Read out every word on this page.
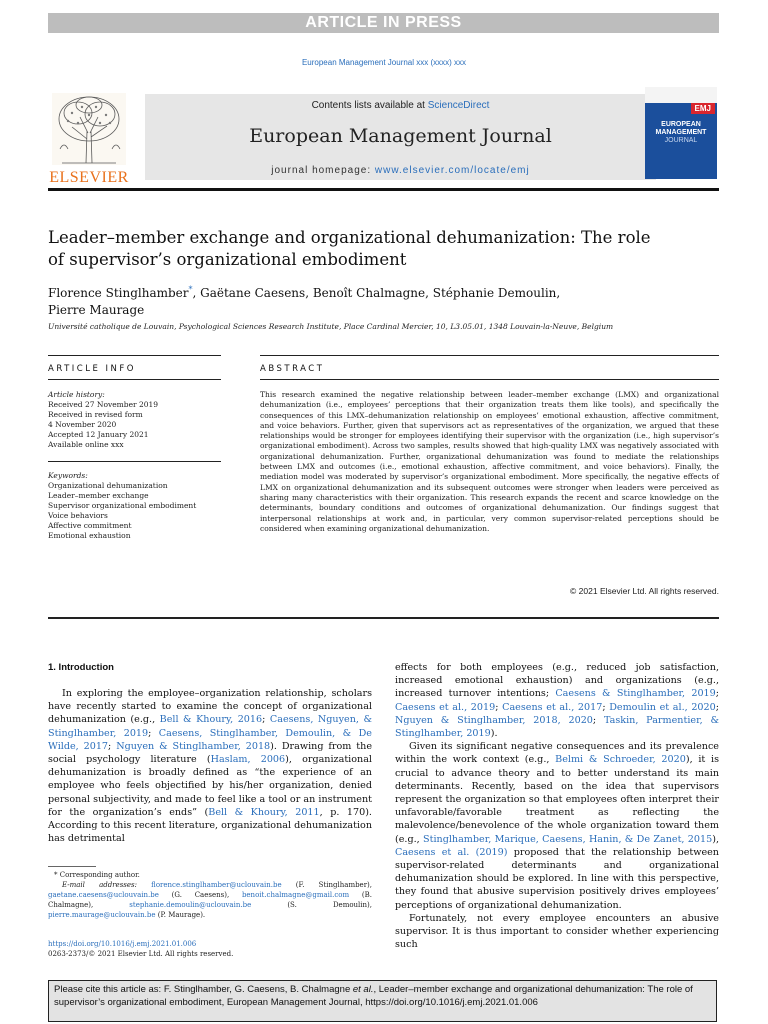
ARTICLE IN PRESS
European Management Journal xxx (xxxx) xxx
ELSEVIER
Contents lists available at ScienceDirect
European Management Journal
journal homepage: www.elsevier.com/locate/emj
EMJ
EUROPEAN
MANAGEMENT
JOURNAL
Leader–member exchange and organizational dehumanization: The role of supervisor’s organizational embodiment
Florence Stinglhamber*, Gaëtane Caesens, Benoît Chalmagne, Stéphanie Demoulin,
Pierre Maurage
Université catholique de Louvain, Psychological Sciences Research Institute, Place Cardinal Mercier, 10, L3.05.01, 1348 Louvain-la-Neuve, Belgium
ARTICLE INFO	ABSTRACT
Article history:
Received 27 November 2019
Received in revised form
4 November 2020
Accepted 12 January 2021
Available online xxx
Keywords:
Organizational dehumanization
Leader–member exchange
Supervisor organizational embodiment
Voice behaviors
Affective commitment
Emotional exhaustion
This research examined the negative relationship between leader–member exchange (LMX) and organizational dehumanization (i.e., employees’ perceptions that their organization treats them like tools), and specifically the consequences of this LMX–dehumanization relationship on employees’ emotional exhaustion, affective commitment, and voice behaviors. Further, given that supervisors act as representatives of the organization, we argued that these relationships would be stronger for employees identifying their supervisor with the organization (i.e., high supervisor’s organizational embodiment). Across two samples, results showed that high-quality LMX was negatively associated with organizational dehumanization. Further, organizational dehumanization was found to mediate the relationships between LMX and outcomes (i.e., emotional exhaustion, affective commitment, and voice behaviors). Finally, the mediation model was moderated by supervisor’s organizational embodiment. More specifically, the negative effects of LMX on organizational dehumanization and its subsequent outcomes were stronger when leaders were perceived as sharing many characteristics with their organization. This research expands the recent and scarce knowledge on the determinants, boundary conditions and outcomes of organizational dehumanization. Our findings suggest that interpersonal relationships at work and, in particular, very common supervisor-related perceptions should be considered when examining organizational dehumanization.
© 2021 Elsevier Ltd. All rights reserved.
1. Introduction

In exploring the employee–organization relationship, scholars have recently started to examine the concept of organizational dehumanization (e.g., Bell & Khoury, 2016; Caesens, Nguyen, & Stinglhamber, 2019; Caesens, Stinglhamber, Demoulin, & De Wilde, 2017; Nguyen & Stinglhamber, 2018). Drawing from the social psychology literature (Haslam, 2006), organizational dehumanization is broadly defined as “the experience of an employee who feels objectified by his/her organization, denied personal subjectivity, and made to feel like a tool or an instrument for the organization’s ends” (Bell & Khoury, 2011, p. 170). According to this recent literature, organizational dehumanization has detrimental

effects for both employees (e.g., reduced job satisfaction, increased emotional exhaustion) and organizations (e.g., increased turnover intentions; Caesens & Stinglhamber, 2019; Caesens et al., 2019; Caesens et al., 2017; Demoulin et al., 2020; Nguyen & Stinglhamber, 2018, 2020; Taskin, Parmentier, & Stinglhamber, 2019).

Given its significant negative consequences and its prevalence within the work context (e.g., Belmi & Schroeder, 2020), it is crucial to advance theory and to better understand its main determinants. Recently, based on the idea that supervisors represent the organization so that employees often interpret their unfavorable/favorable treatment as reflecting the malevolence/benevolence of the whole organization toward them (e.g., Stinglhamber, Marique, Caesens, Hanin, & De Zanet, 2015), Caesens et al. (2019) proposed that the relationship between supervisor-related determinants and organizational dehumanization should be explored. In line with this perspective, they found that abusive supervision positively drives employees’ perceptions of organizational dehumanization.

Fortunately, not every employee encounters an abusive supervisor. It is thus important to consider whether experiencing such

* Corresponding author.
E-mail addresses: florence.stinglhamber@uclouvain.be (F. Stinglhamber), gaetane.caesens@uclouvain.be (G. Caesens), benoit.chalmagne@gmail.com (B. Chalmagne), stephanie.demoulin@uclouvain.be (S. Demoulin), pierre.maurage@uclouvain.be (P. Maurage).
https://doi.org/10.1016/j.emj.2021.01.006
0263-2373/© 2021 Elsevier Ltd. All rights reserved.
Please cite this article as: F. Stinglhamber, G. Caesens, B. Chalmagne et al., Leader–member exchange and organizational dehumanization: The role of supervisor’s organizational embodiment, European Management Journal, https://doi.org/10.1016/j.emj.2021.01.006
